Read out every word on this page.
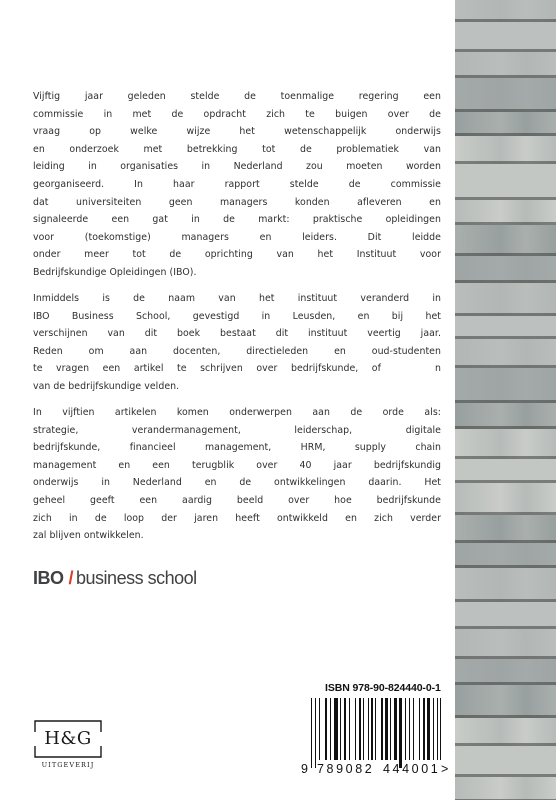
Vijftig jaar geleden stelde de toenmalige regering een
commissie in met de opdracht zich te buigen over de
vraag op welke wijze het wetenschappelijk onderwijs
en onderzoek met betrekking tot de problematiek van
leiding in organisaties in Nederland zou moeten worden
georganiseerd. In haar rapport stelde de commissie
dat universiteiten geen managers konden afleveren en
signaleerde een gat in de markt: praktische opleidingen
voor (toekomstige) managers en leiders. Dit leidde
onder meer tot de oprichting van het Instituut voor
Bedrijfskundige Opleidingen (IBO).
Inmiddels is de naam van het instituut veranderd in
IBO Business School, gevestigd in Leusden, en bij het
verschijnen van dit boek bestaat dit instituut veertig jaar.
Reden om aan docenten, directieleden en oud-studenten
te vragen een artikel te schrijven over bedrijfskunde, of    n
van de bedrijfskundige velden.
In vijftien artikelen komen onderwerpen aan de orde als:
strategie, verandermanagement, leiderschap, digitale
bedrijfskunde, financieel management, HRM, supply chain
management en een terugblik over 40 jaar bedrijfskundig
onderwijs in Nederland en de ontwikkelingen daarin. Het
geheel geeft een aardig beeld over hoe bedrijfskunde
zich in de loop der jaren heeft ontwikkeld en zich verder
zal blijven ontwikkelen.
IBO / business school
H&G
UITGEVERIJ
ISBN 978-90-824440-0-1
9 789082 444001 >
